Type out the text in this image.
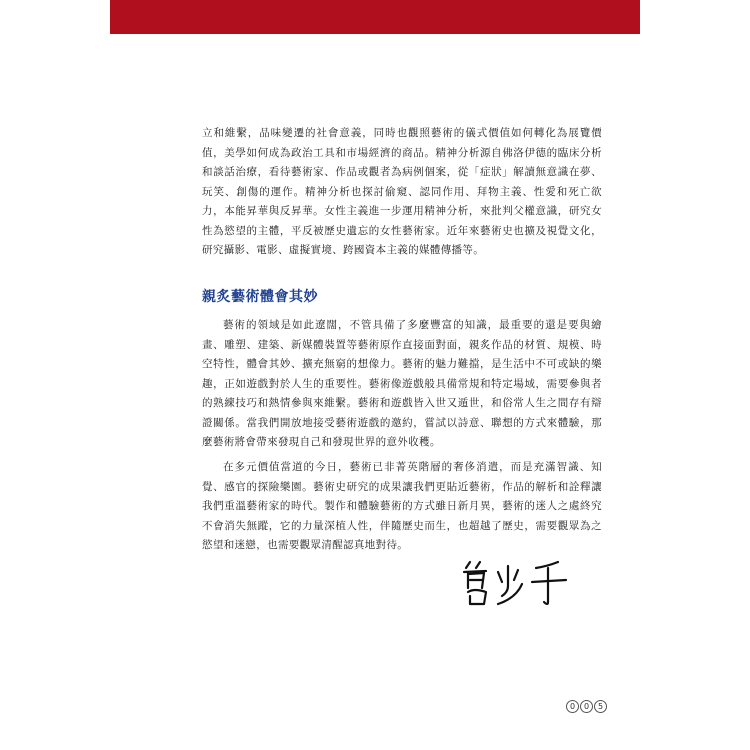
立和維繫，品味變遷的社會意義，同時也觀照藝術的儀式價值如何轉化為展覽價值，美學如何成為政治工具和市場經濟的商品。精神分析源自佛洛伊德的臨床分析和談話治療，看待藝術家、作品或觀者為病例個案，從「症狀」解讀無意識在夢、玩笑、創傷的運作。精神分析也探討偷窺、認同作用、拜物主義、性愛和死亡欲力，本能昇華與反昇華。女性主義進一步運用精神分析，來批判父權意識，研究女性為慾望的主體，平反被歷史遺忘的女性藝術家。近年來藝術史也擴及視覺文化，研究攝影、電影、虛擬實境、跨國資本主義的媒體傳播等。

親炙藝術體會其妙

藝術的領域是如此遼闊，不管具備了多麼豐富的知識，最重要的還是要與繪畫、雕塑、建築、新媒體裝置等藝術原作直接面對面，親炙作品的材質、規模、時空特性，體會其妙、擴充無窮的想像力。藝術的魅力難擋，是生活中不可或缺的樂趣，正如遊戲對於人生的重要性。藝術像遊戲般具備常規和特定場域，需要參與者的熟練技巧和熱情參與來維繫。藝術和遊戲皆入世又遁世，和俗常人生之間存有辯證關係。當我們開放地接受藝術遊戲的邀約，嘗試以詩意、聯想的方式來體驗，那麼藝術將會帶來發現自己和發現世界的意外收穫。

在多元價值當道的今日，藝術已非菁英階層的奢侈消遣，而是充滿智識、知覺、感官的探險樂園。藝術史研究的成果讓我們更貼近藝術，作品的解析和詮釋讓我們重溫藝術家的時代。製作和體驗藝術的方式雖日新月異，藝術的迷人之處終究不會消失無蹤，它的力量深植人性，伴隨歷史而生，也超越了歷史，需要觀眾為之慾望和迷戀，也需要觀眾清醒認真地對待。

0	0	5
